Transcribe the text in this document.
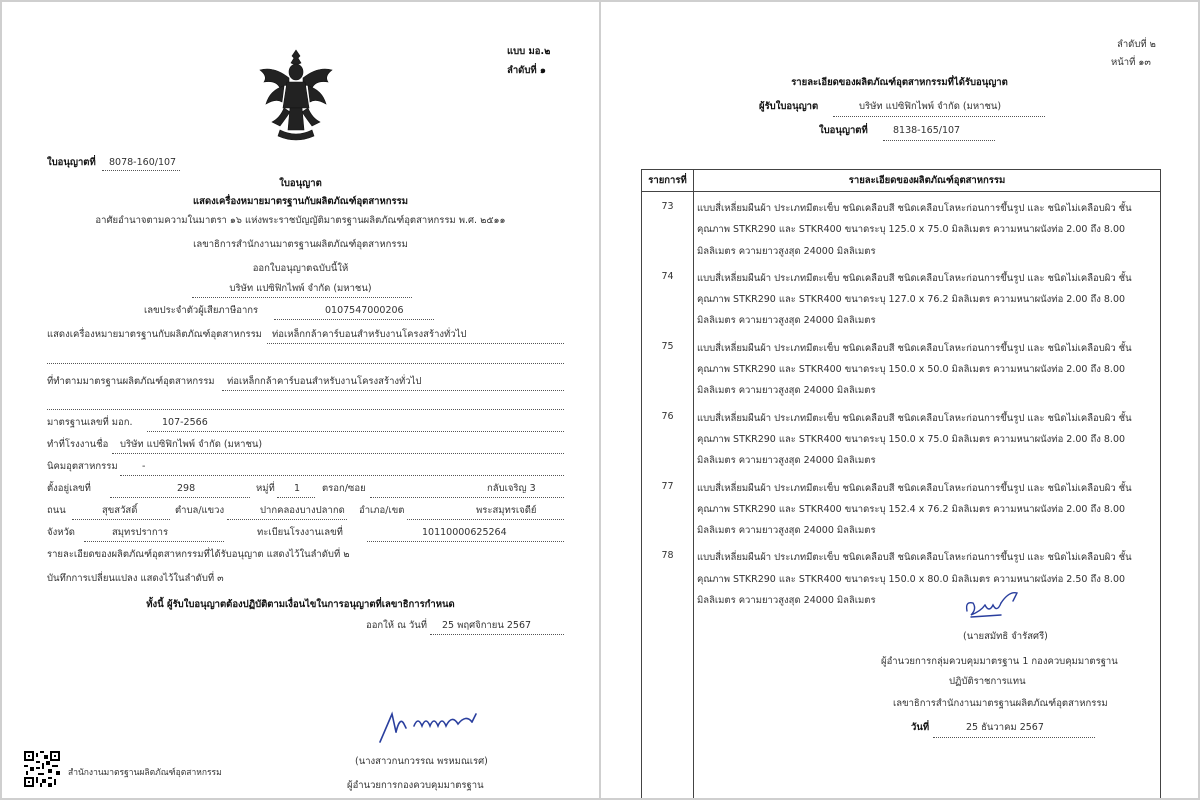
แบบ มอ.๒
ลำดับที่ ๑
ใบอนุญาตที่ 8078-160/107
ใบอนุญาต
แสดงเครื่องหมายมาตรฐานกับผลิตภัณฑ์อุตสาหกรรม
อาศัยอำนาจตามความในมาตรา ๑๖ แห่งพระราชบัญญัติมาตรฐานผลิตภัณฑ์อุตสาหกรรม พ.ศ. ๒๕๑๑
เลขาธิการสำนักงานมาตรฐานผลิตภัณฑ์อุตสาหกรรม
ออกใบอนุญาตฉบับนี้ให้
บริษัท แปซิฟิกไพพ์ จำกัด (มหาชน)
เลขประจำตัวผู้เสียภาษีอากร	0107547000206
แสดงเครื่องหมายมาตรฐานกับผลิตภัณฑ์อุตสาหกรรม ท่อเหล็กกล้าคาร์บอนสำหรับงานโครงสร้างทั่วไป
ที่ทำตามมาตรฐานผลิตภัณฑ์อุตสาหกรรม ท่อเหล็กกล้าคาร์บอนสำหรับงานโครงสร้างทั่วไป
มาตรฐานเลขที่ มอก.	107-2566
ทำที่โรงงานชื่อ บริษัท แปซิฟิกไพพ์ จำกัด (มหาชน)
นิคมอุตสาหกรรม	-
ตั้งอยู่เลขที่	298	หมู่ที่ 1 ตรอก/ซอย	กลับเจริญ 3
ถนน	สุขสวัสดิ์	ตำบล/แขวง	ปากคลองบางปลากด อำเภอ/เขต	พระสมุทรเจดีย์
จังหวัด	สมุทรปราการ	ทะเบียนโรงงานเลขที่	10110000625264
รายละเอียดของผลิตภัณฑ์อุตสาหกรรมที่ได้รับอนุญาต แสดงไว้ในลำดับที่ ๒
บันทึกการเปลี่ยนแปลง แสดงไว้ในลำดับที่ ๓
ทั้งนี้ ผู้รับใบอนุญาตต้องปฏิบัติตามเงื่อนไขในการอนุญาตที่เลขาธิการกำหนด
ออกให้ ณ วันที่ 25 พฤศจิกายน 2567
(นางสาวกนกวรรณ พรหมณเรศ)
ผู้อำนวยการกองควบคุมมาตรฐาน
สำนักงานมาตรฐานผลิตภัณฑ์อุตสาหกรรม
ลำดับที่ ๒
หน้าที่ ๑๓
รายละเอียดของผลิตภัณฑ์อุตสาหกรรมที่ได้รับอนุญาต
ผู้รับใบอนุญาต	บริษัท แปซิฟิกไพพ์ จำกัด (มหาชน)
ใบอนุญาตที่	8138-165/107
รายการที่	รายละเอียดของผลิตภัณฑ์อุตสาหกรรม
73	แบบสี่เหลี่ยมผืนผ้า ประเภทมีตะเข็บ ชนิดเคลือบสี ชนิดเคลือบโลหะก่อนการขึ้นรูป และ ชนิดไม่เคลือบผิว ชั้นคุณภาพ STKR290 และ STKR400 ขนาดระบุ 125.0 x 75.0 มิลลิเมตร ความหนาผนังท่อ 2.00 ถึง 8.00 มิลลิเมตร ความยาวสูงสุด 24000 มิลลิเมตร
74	แบบสี่เหลี่ยมผืนผ้า ประเภทมีตะเข็บ ชนิดเคลือบสี ชนิดเคลือบโลหะก่อนการขึ้นรูป และ ชนิดไม่เคลือบผิว ชั้นคุณภาพ STKR290 และ STKR400 ขนาดระบุ 127.0 x 76.2 มิลลิเมตร ความหนาผนังท่อ 2.00 ถึง 8.00 มิลลิเมตร ความยาวสูงสุด 24000 มิลลิเมตร
75	แบบสี่เหลี่ยมผืนผ้า ประเภทมีตะเข็บ ชนิดเคลือบสี ชนิดเคลือบโลหะก่อนการขึ้นรูป และ ชนิดไม่เคลือบผิว ชั้นคุณภาพ STKR290 และ STKR400 ขนาดระบุ 150.0 x 50.0 มิลลิเมตร ความหนาผนังท่อ 2.00 ถึง 8.00 มิลลิเมตร ความยาวสูงสุด 24000 มิลลิเมตร
76	แบบสี่เหลี่ยมผืนผ้า ประเภทมีตะเข็บ ชนิดเคลือบสี ชนิดเคลือบโลหะก่อนการขึ้นรูป และ ชนิดไม่เคลือบผิว ชั้นคุณภาพ STKR290 และ STKR400 ขนาดระบุ 150.0 x 75.0 มิลลิเมตร ความหนาผนังท่อ 2.00 ถึง 8.00 มิลลิเมตร ความยาวสูงสุด 24000 มิลลิเมตร
77	แบบสี่เหลี่ยมผืนผ้า ประเภทมีตะเข็บ ชนิดเคลือบสี ชนิดเคลือบโลหะก่อนการขึ้นรูป และ ชนิดไม่เคลือบผิว ชั้นคุณภาพ STKR290 และ STKR400 ขนาดระบุ 152.4 x 76.2 มิลลิเมตร ความหนาผนังท่อ 2.00 ถึง 8.00 มิลลิเมตร ความยาวสูงสุด 24000 มิลลิเมตร
78	แบบสี่เหลี่ยมผืนผ้า ประเภทมีตะเข็บ ชนิดเคลือบสี ชนิดเคลือบโลหะก่อนการขึ้นรูป และ ชนิดไม่เคลือบผิว ชั้นคุณภาพ STKR290 และ STKR400 ขนาดระบุ 150.0 x 80.0 มิลลิเมตร ความหนาผนังท่อ 2.50 ถึง 8.00 มิลลิเมตร ความยาวสูงสุด 24000 มิลลิเมตร

(นายสมัทธิ จำรัสศรี)
ผู้อำนวยการกลุ่มควบคุมมาตรฐาน 1 กองควบคุมมาตรฐาน
ปฏิบัติราชการแทน
เลขาธิการสำนักงานมาตรฐานผลิตภัณฑ์อุตสาหกรรม
วันที่	25 ธันวาคม 2567
